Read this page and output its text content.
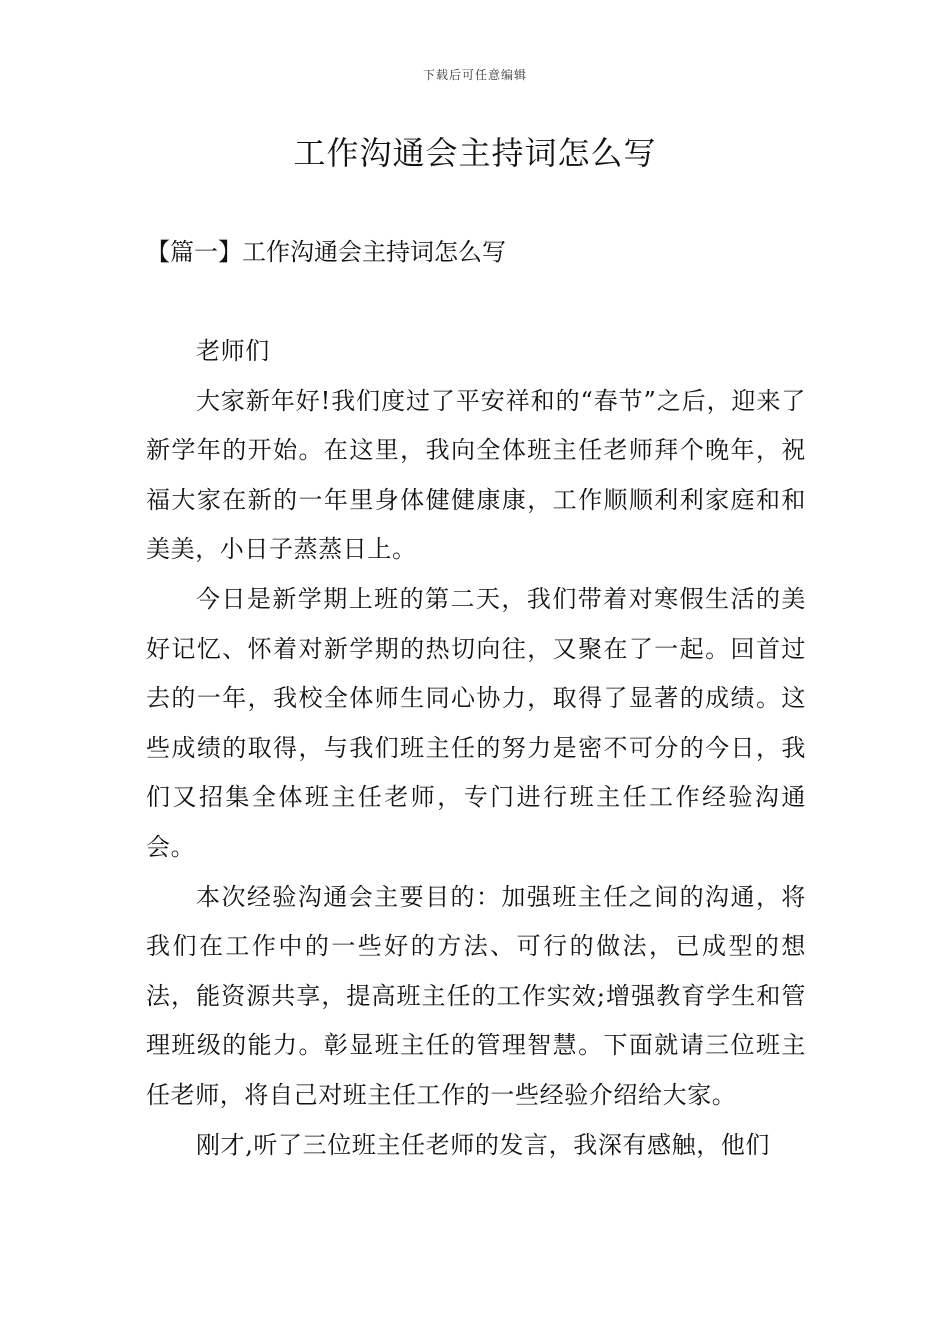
下载后可任意编辑
工作沟通会主持词怎么写
【篇一】工作沟通会主持词怎么写

老师们

大家新年好!我们度过了平安祥和的“春节”之后，迎来了新学年的开始。在这里，我向全体班主任老师拜个晚年，祝福大家在新的一年里身体健健康康，工作顺顺利利家庭和和美美，小日子蒸蒸日上。

今日是新学期上班的第二天，我们带着对寒假生活的美好记忆、怀着对新学期的热切向往，又聚在了一起。回首过去的一年，我校全体师生同心协力，取得了显著的成绩。这些成绩的取得，与我们班主任的努力是密不可分的今日，我们又招集全体班主任老师，专门进行班主任工作经验沟通会。

本次经验沟通会主要目的：加强班主任之间的沟通，将我们在工作中的一些好的方法、可行的做法，已成型的想法，能资源共享，提高班主任的工作实效;增强教育学生和管理班级的能力。彰显班主任的管理智慧。下面就请三位班主任老师，将自己对班主任工作的一些经验介绍给大家。

刚才,听了三位班主任老师的发言，我深有感触，他们
